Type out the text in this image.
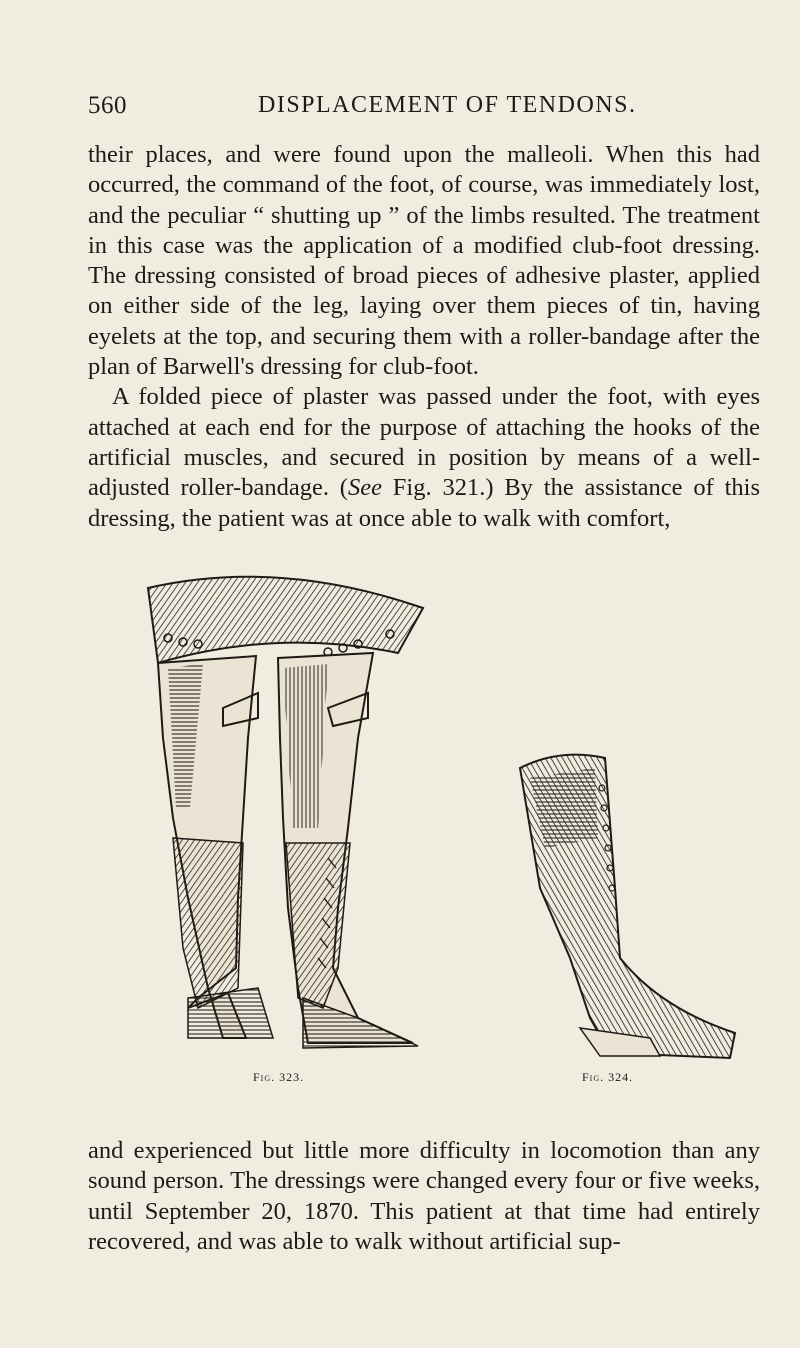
560	DISPLACEMENT OF TENDONS.

their places, and were found upon the malleoli. When this had occurred, the command of the foot, of course, was immediately lost, and the peculiar “ shutting up ” of the limbs resulted. The treatment in this case was the application of a modified club-foot dressing. The dressing consisted of broad pieces of adhesive plaster, applied on either side of the leg, laying over them pieces of tin, having eyelets at the top, and securing them with a roller-bandage after the plan of Barwell's dressing for club-foot.

A folded piece of plaster was passed under the foot, with eyes attached at each end for the purpose of attaching the hooks of the artificial muscles, and secured in position by means of a well-adjusted roller-bandage. (See Fig. 321.) By the assistance of this dressing, the patient was at once able to walk with comfort,

Fig. 323.	Fig. 324.

and experienced but little more difficulty in locomotion than any sound person. The dressings were changed every four or five weeks, until September 20, 1870. This patient at that time had entirely recovered, and was able to walk without artificial sup-
